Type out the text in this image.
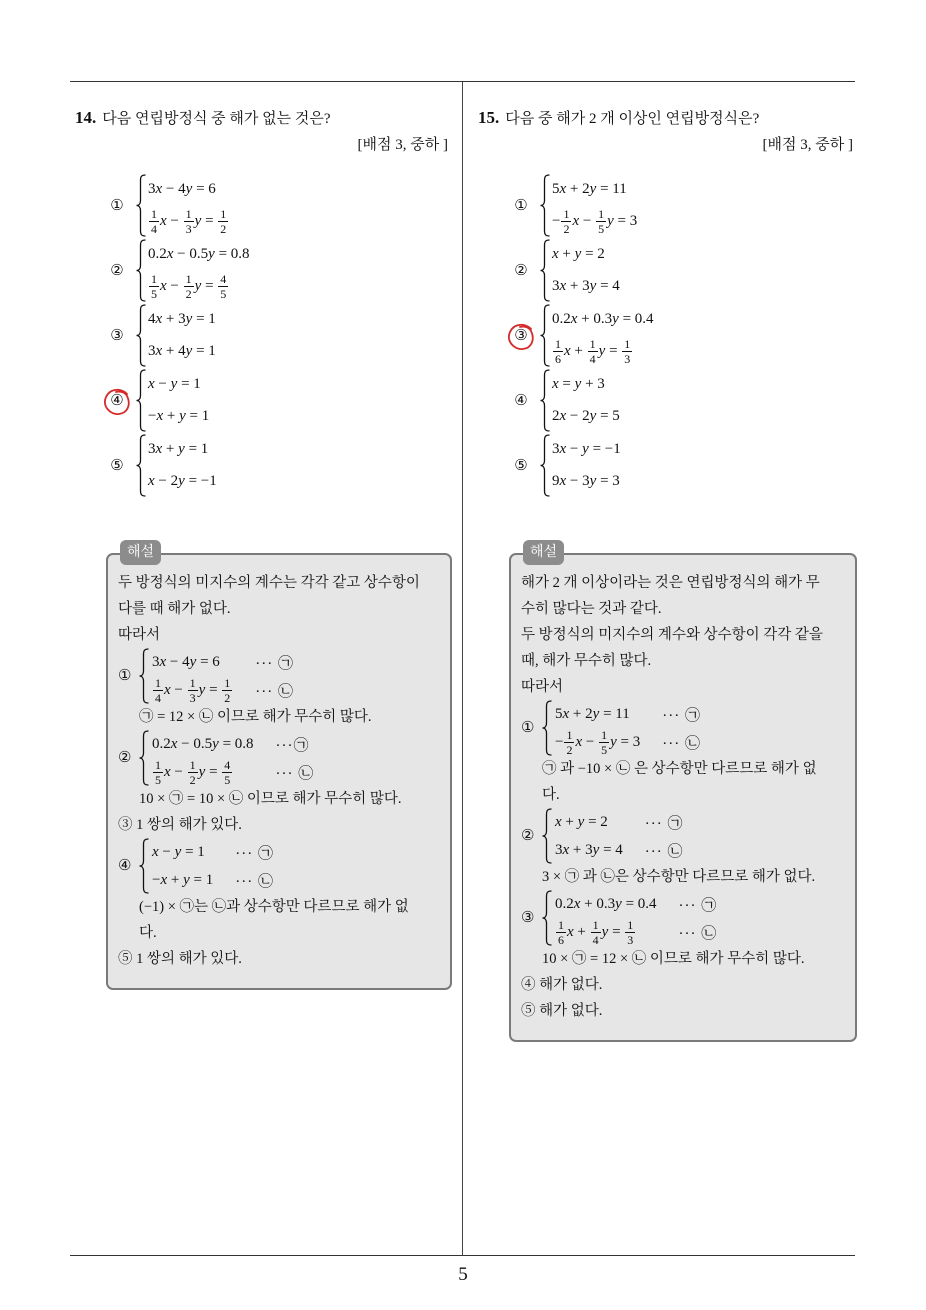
14. 다음 연립방정식 중 해가 없는 것은?
[배점 3, 중하 ]
①
3x − 4y = 6
$\frac{1}{4}$ $x - \frac{1}{3}$ $y = \frac{1}{2}$
②
0.2x − 0.5y = 0.8
$\frac{1}{5}$ $x - \frac{1}{2}$ $y = \frac{4}{5}$
③
4x + 3y = 1
3x + 4y = 1
④
x − y = 1
−x + y = 1
⑤
3x + y = 1
x − 2y = −1
해설
두 방정식의 미지수의 계수는 각각 같고 상수항이
다를 때 해가 없다.
따라서
①
3x − 4y = 6 ··· ㉠
$\frac{1}{4}$ $x - \frac{1}{3}$ $y = \frac{1}{2}$ ··· ㉡
㉠ = 12 × ㉡ 이므로 해가 무수히 많다.
②
0.2x − 0.5y = 0.8 ···㉠
$\frac{1}{5}$ $x - \frac{1}{2}$ $y = \frac{4}{5}$	··· ㉡
10 × ㉠ = 10 × ㉡ 이므로 해가 무수히 많다.
③ 1 쌍의 해가 있다.
④
x − y = 1 ··· ㉠
−x + y = 1 ··· ㉡
(−1) × ㉠는 ㉡과 상수항만 다르므로 해가 없
다.
⑤ 1 쌍의 해가 있다.
15. 다음 중 해가 2 개 이상인 연립방정식은?
[배점 3, 중하 ]
①
5x + 2y = 11
− $\frac{1}{2}$ $x - \frac{1}{5}$ y = 3
②
x + y = 2
3x + 3y = 4
③
0.2x + 0.3y = 0.4
$\frac{1}{6}$ $x + \frac{1}{4}$ $y = \frac{1}{3}$
④
x = y + 3
2x − 2y = 5
⑤
3x − y = −1
9x − 3y = 3
해설
해가 2 개 이상이라는 것은 연립방정식의 해가 무
수히 많다는 것과 같다.
두 방정식의 미지수의 계수와 상수항이 각각 같을
때, 해가 무수히 많다.
따라서
①
5x + 2y = 11 ··· ㉠
− $\frac{1}{2}$ $x - \frac{1}{5}$ y = 3 ··· ㉡
㉠ 과 −10 × ㉡ 은 상수항만 다르므로 해가 없
다.
②
x + y = 2 ··· ㉠
3x + 3y = 4 ··· ㉡
3 × ㉠ 과 ㉡은 상수항만 다르므로 해가 없다.
③
0.2x + 0.3y = 0.4 ··· ㉠
$\frac{1}{6}$ $x + \frac{1}{4}$ $y = \frac{1}{3}$	··· ㉡
10 × ㉠ = 12 × ㉡ 이므로 해가 무수히 많다.
④ 해가 없다.
⑤ 해가 없다.
5
